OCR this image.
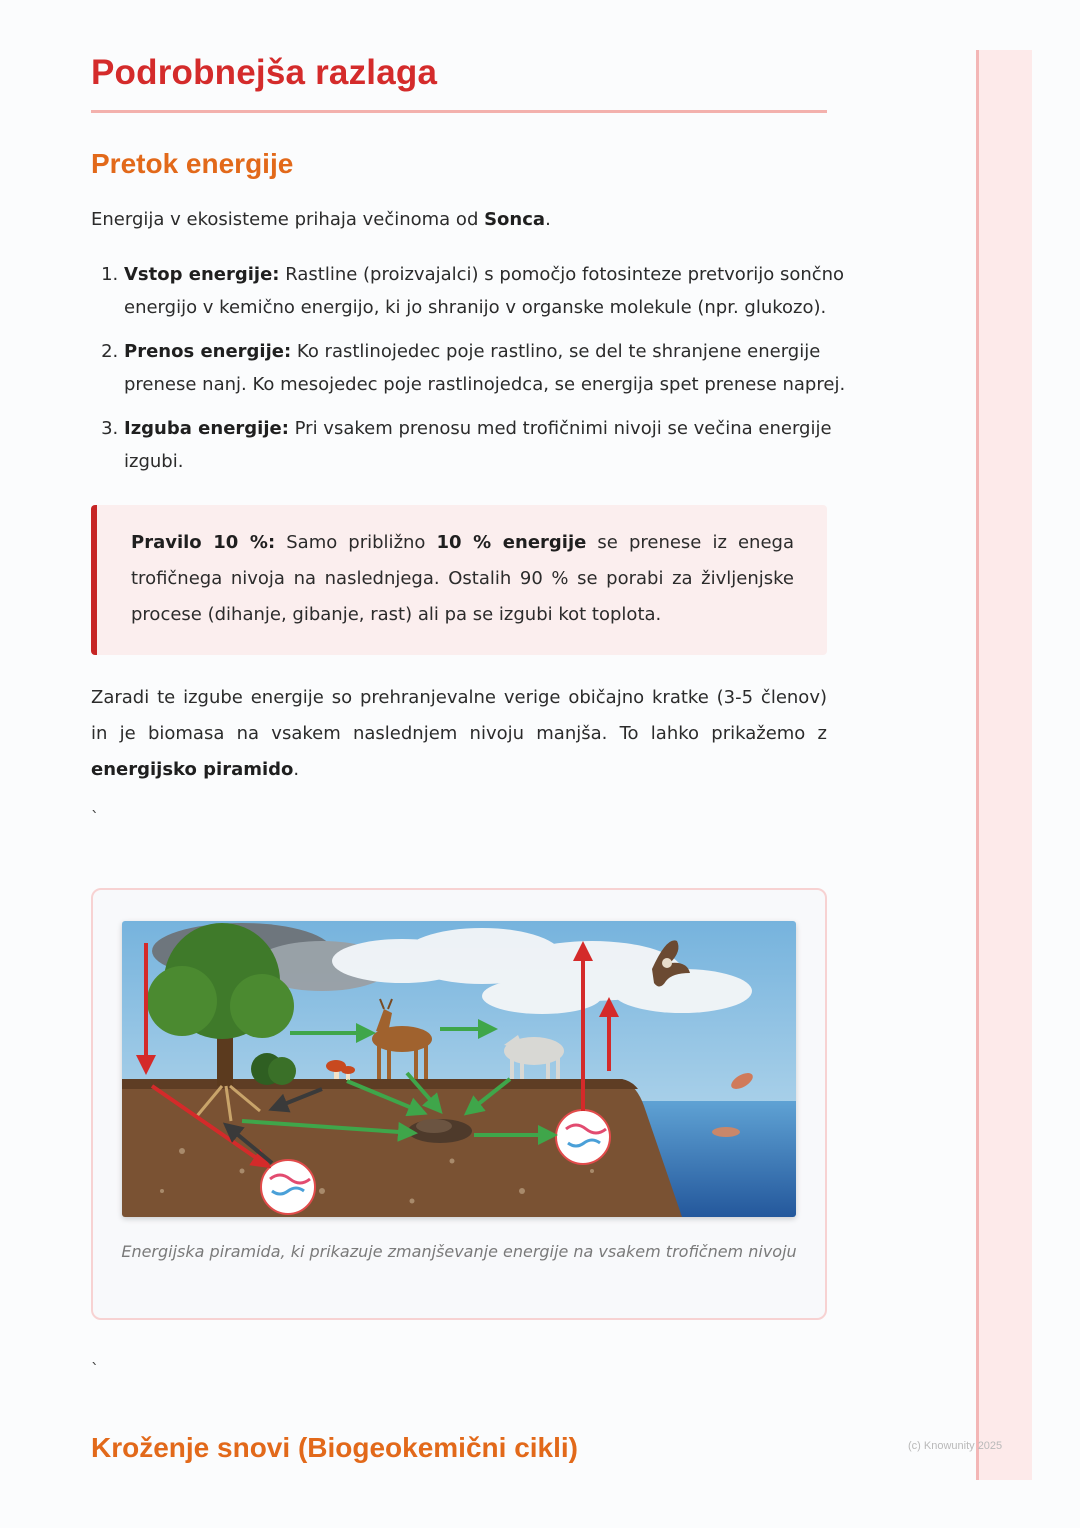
(c) Knowunity 2025
Podrobnejša razlaga
Pretok energije

Energija v ekosisteme prihaja večinoma od Sonca.

1. Vstop energije: Rastline (proizvajalci) s pomočjo fotosinteze pretvorijo sončno energijo v kemično energijo, ki jo shranijo v organske molekule (npr. glukozo).
2. Prenos energije: Ko rastlinojedec poje rastlino, se del te shranjene energije prenese nanj. Ko mesojedec poje rastlinojedca, se energija spet prenese naprej.
3. Izguba energije: Pri vsakem prenosu med trofičnimi nivoji se večina energije izgubi.
Pravilo 10 %: Samo približno 10 % energije se prenese iz enega trofičnega nivoja na naslednjega. Ostalih 90 % se porabi za življenjske procese (dihanje, gibanje, rast) ali pa se izgubi kot toplota.

Zaradi te izgube energije so prehranjevalne verige običajno kratke (3-5 členov) in je biomasa na vsakem naslednjem nivoju manjša. To lahko prikažemo z energijsko piramido.

`
Energijska piramida, ki prikazuje zmanjševanje energije na vsakem trofičnem nivoju
`
Kroženje snovi (Biogeokemični cikli)
